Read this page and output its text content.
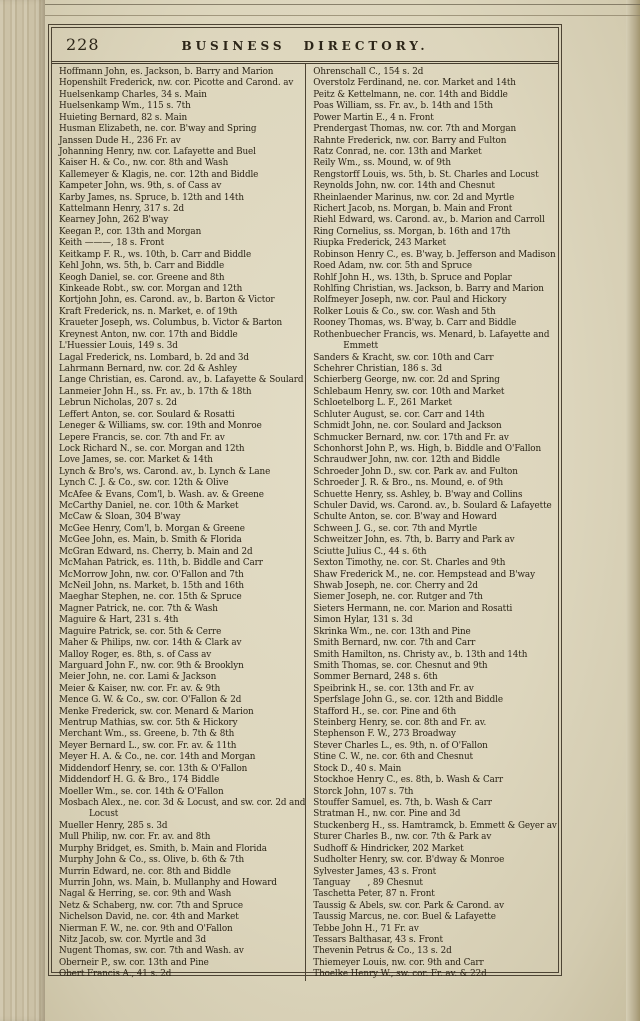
228	BUSINESS DIRECTORY.
Hoffmann John, es. Jackson, b. Barry and Marion
Hopenshilt Frederick, nw. cor. Picotte and Carond. av
Huelsenkamp Charles, 34 s. Main
Huelsenkamp Wm., 115 s. 7th
Huieting Bernard, 82 s. Main
Husman Elizabeth, ne. cor. B'way and Spring
Janssen Dude H., 236 Fr. av
Johanning Henry, nw. cor. Lafayette and Buel
Kaiser H. & Co., nw. cor. 8th and Wash
Kallemeyer & Klagis, ne. cor. 12th and Biddle
Kampeter John, ws. 9th, s. of Cass av
Karby James, ns. Spruce, b. 12th and 14th
Kattelmann Henry, 317 s. 2d
Kearney John, 262 B'way
Keegan P., cor. 13th and Morgan
Keith ———, 18 s. Front
Keitkamp F. R., ws. 10th, b. Carr and Biddle
Kehl John, ws. 5th, b. Carr and Biddle
Keogh Daniel, se. cor. Greene and 8th
Kinkeade Robt., sw. cor. Morgan and 12th
Kortjohn John, es. Carond. av., b. Barton & Victor
Kraft Frederick, ns. n. Market, e. of 19th
Kraueter Joseph, ws. Columbus, b. Victor & Barton
Kreynest Anton, nw. cor. 17th and Biddle
L'Huessier Louis, 149 s. 3d
Lagal Frederick, ns. Lombard, b. 2d and 3d
Lahrmann Bernard, nw. cor. 2d & Ashley
Lange Christian, es. Carond. av., b. Lafayette & Soulard
Lanmeier John H., ss. Fr. av., b. 17th & 18th
Lebrun Nicholas, 207 s. 2d
Leffert Anton, se. cor. Soulard & Rosatti
Leneger & Williams, sw. cor. 19th and Monroe
Lepere Francis, se. cor. 7th and Fr. av
Lock Richard N., se. cor. Morgan and 12th
Love James, se. cor. Market & 14th
Lynch & Bro's, ws. Carond. av., b. Lynch & Lane
Lynch C. J. & Co., sw. cor. 12th & Olive
McAfee & Evans, Com'l, b. Wash. av. & Greene
McCarthy Daniel, ne. cor. 10th & Market
McCaw & Sloan, 304 B'way
McGee Henry, Com'l, b. Morgan & Greene
McGee John, es. Main, b. Smith & Florida
McGran Edward, ns. Cherry, b. Main and 2d
McMahan Patrick, es. 11th, b. Biddle and Carr
McMorrow John, nw. cor. O'Fallon and 7th
McNeil John, ns. Market, b. 15th and 16th
Maeghar Stephen, ne. cor. 15th & Spruce
Magner Patrick, ne. cor. 7th & Wash
Maguire & Hart, 231 s. 4th
Maguire Patrick, se. cor. 5th & Cerre
Maher & Philips, nw. cor. 14th & Clark av
Malloy Roger, es. 8th, s. of Cass av
Marguard John F., nw. cor. 9th & Brooklyn
Meier John, ne. cor. Lami & Jackson
Meier & Kaiser, nw. cor. Fr. av. & 9th
Mence G. W. & Co., sw. cor. O'Fallon & 2d
Menke Frederick, sw. cor. Menard & Marion
Mentrup Mathias, sw. cor. 5th & Hickory
Merchant Wm., ss. Greene, b. 7th & 8th
Meyer Bernard L., sw. cor. Fr. av. & 11th
Meyer H. A. & Co., ne. cor. 14th and Morgan
Middendorf Henry, se. cor. 13th & O'Fallon
Middendorf H. G. & Bro., 174 Biddle
Moeller Wm., se. cor. 14th & O'Fallon
Mosbach Alex., ne. cor. 3d & Locust, and sw. cor. 2d and
Locust
Mueller Henry, 285 s. 3d
Mull Philip, nw. cor. Fr. av. and 8th
Murphy Bridget, es. Smith, b. Main and Florida
Murphy John & Co., ss. Olive, b. 6th & 7th
Murrin Edward, ne. cor. 8th and Biddle
Murrin John, ws. Main, b. Mullanphy and Howard
Nagal & Herring, se. cor. 9th and Wash
Netz & Schaberg, nw. cor. 7th and Spruce
Nichelson David, ne. cor. 4th and Market
Nierman F. W., ne. cor. 9th and O'Fallon
Nitz Jacob, sw. cor. Myrtle and 3d
Nugent Thomas, sw. cor. 7th and Wash. av
Oberneir P., sw. cor. 13th and Pine
Obert Francis A., 41 s. 2d
Ohrenschall C., 154 s. 2d
Overstolz Ferdinand, ne. cor. Market and 14th
Peitz & Kettelmann, ne. cor. 14th and Biddle
Poas William, ss. Fr. av., b. 14th and 15th
Power Martin E., 4 n. Front
Prendergast Thomas, nw. cor. 7th and Morgan
Rahnte Frederick, nw. cor. Barry and Fulton
Ratz Conrad, ne. cor. 13th and Market
Reily Wm., ss. Mound, w. of 9th
Rengstorff Louis, ws. 5th, b. St. Charles and Locust
Reynolds John, nw. cor. 14th and Chesnut
Rheinlaender Marinus, nw. cor. 2d and Myrtle
Richert Jacob, ns. Morgan, b. Main and Front
Riehl Edward, ws. Carond. av., b. Marion and Carroll
Ring Cornelius, ss. Morgan, b. 16th and 17th
Riupka Frederick, 243 Market
Robinson Henry C., es. B'way, b. Jefferson and Madison
Roed Adam, nw. cor. 5th and Spruce
Rohlf John H., ws. 13th, b. Spruce and Poplar
Rohlfing Christian, ws. Jackson, b. Barry and Marion
Rolfmeyer Joseph, nw. cor. Paul and Hickory
Rolker Louis & Co., sw. cor. Wash and 5th
Rooney Thomas, ws. B'way, b. Carr and Biddle
Rothenbuecher Francis, ws. Menard, b. Lafayette and
Emmett
Sanders & Kracht, sw. cor. 10th and Carr
Schehrer Christian, 186 s. 3d
Schierberg George, nw. cor. 2d and Spring
Schlebaum Henry, sw. cor. 10th and Market
Schloetelborg L. F., 261 Market
Schluter August, se. cor. Carr and 14th
Schmidt John, ne. cor. Soulard and Jackson
Schmucker Bernard, nw. cor. 17th and Fr. av
Schonhorst John P., ws. High, b. Biddle and O'Fallon
Schraudwer John, nw. cor. 12th and Biddle
Schroeder John D., sw. cor. Park av. and Fulton
Schroeder J. R. & Bro., ns. Mound, e. of 9th
Schuette Henry, ss. Ashley, b. B'way and Collins
Schuler David, ws. Carond. av., b. Soulard & Lafayette
Schulte Anton, se. cor. B'way and Howard
Schween J. G., se. cor. 7th and Myrtle
Schweitzer John, es. 7th, b. Barry and Park av
Sciutte Julius C., 44 s. 6th
Sexton Timothy, ne. cor. St. Charles and 9th
Shaw Frederick M., ne. cor. Hempstead and B'way
Shwab Joseph, ne. cor. Cherry and 2d
Siemer Joseph, ne. cor. Rutger and 7th
Sieters Hermann, ne. cor. Marion and Rosatti
Simon Hylar, 131 s. 3d
Skrinka Wm., ne. cor. 13th and Pine
Smith Bernard, nw. cor. 7th and Carr
Smith Hamilton, ns. Christy av., b. 13th and 14th
Smith Thomas, se. cor. Chesnut and 9th
Sommer Bernard, 248 s. 6th
Speibrink H., se. cor. 13th and Fr. av
Sperfslage John G., se. cor. 12th and Biddle
Stafford H., se. cor. Pine and 6th
Steinberg Henry, se. cor. 8th and Fr. av.
Stephenson F. W., 273 Broadway
Stever Charles L., es. 9th, n. of O'Fallon
Stine C. W., ne. cor. 6th and Chesnut
Stock D., 40 s. Main
Stockhoe Henry C., es. 8th, b. Wash & Carr
Storck John, 107 s. 7th
Stouffer Samuel, es. 7th, b. Wash & Carr
Stratman H., nw. cor. Pine and 3d
Stuckenberg H., ss. Hamtramck, b. Emmett & Geyer av
Sturer Charles B., nw. cor. 7th & Park av
Sudhoff & Hindricker, 202 Market
Sudholter Henry, sw. cor. B'dway & Monroe
Sylvester James, 43 s. Front
Tanguay   , 89 Chesnut
Taschetta Peter, 87 n. Front
Taussig & Abels, sw. cor. Park & Carond. av
Taussig Marcus, ne. cor. Buel & Lafayette
Tebbe John H., 71 Fr. av
Tessars Balthasar, 43 s. Front
Thevenin Petrus & Co., 13 s. 2d
Thiemeyer Louis, nw. cor. 9th and Carr
Thoelke Henry W., sw. cor. Fr. av. & 22d
